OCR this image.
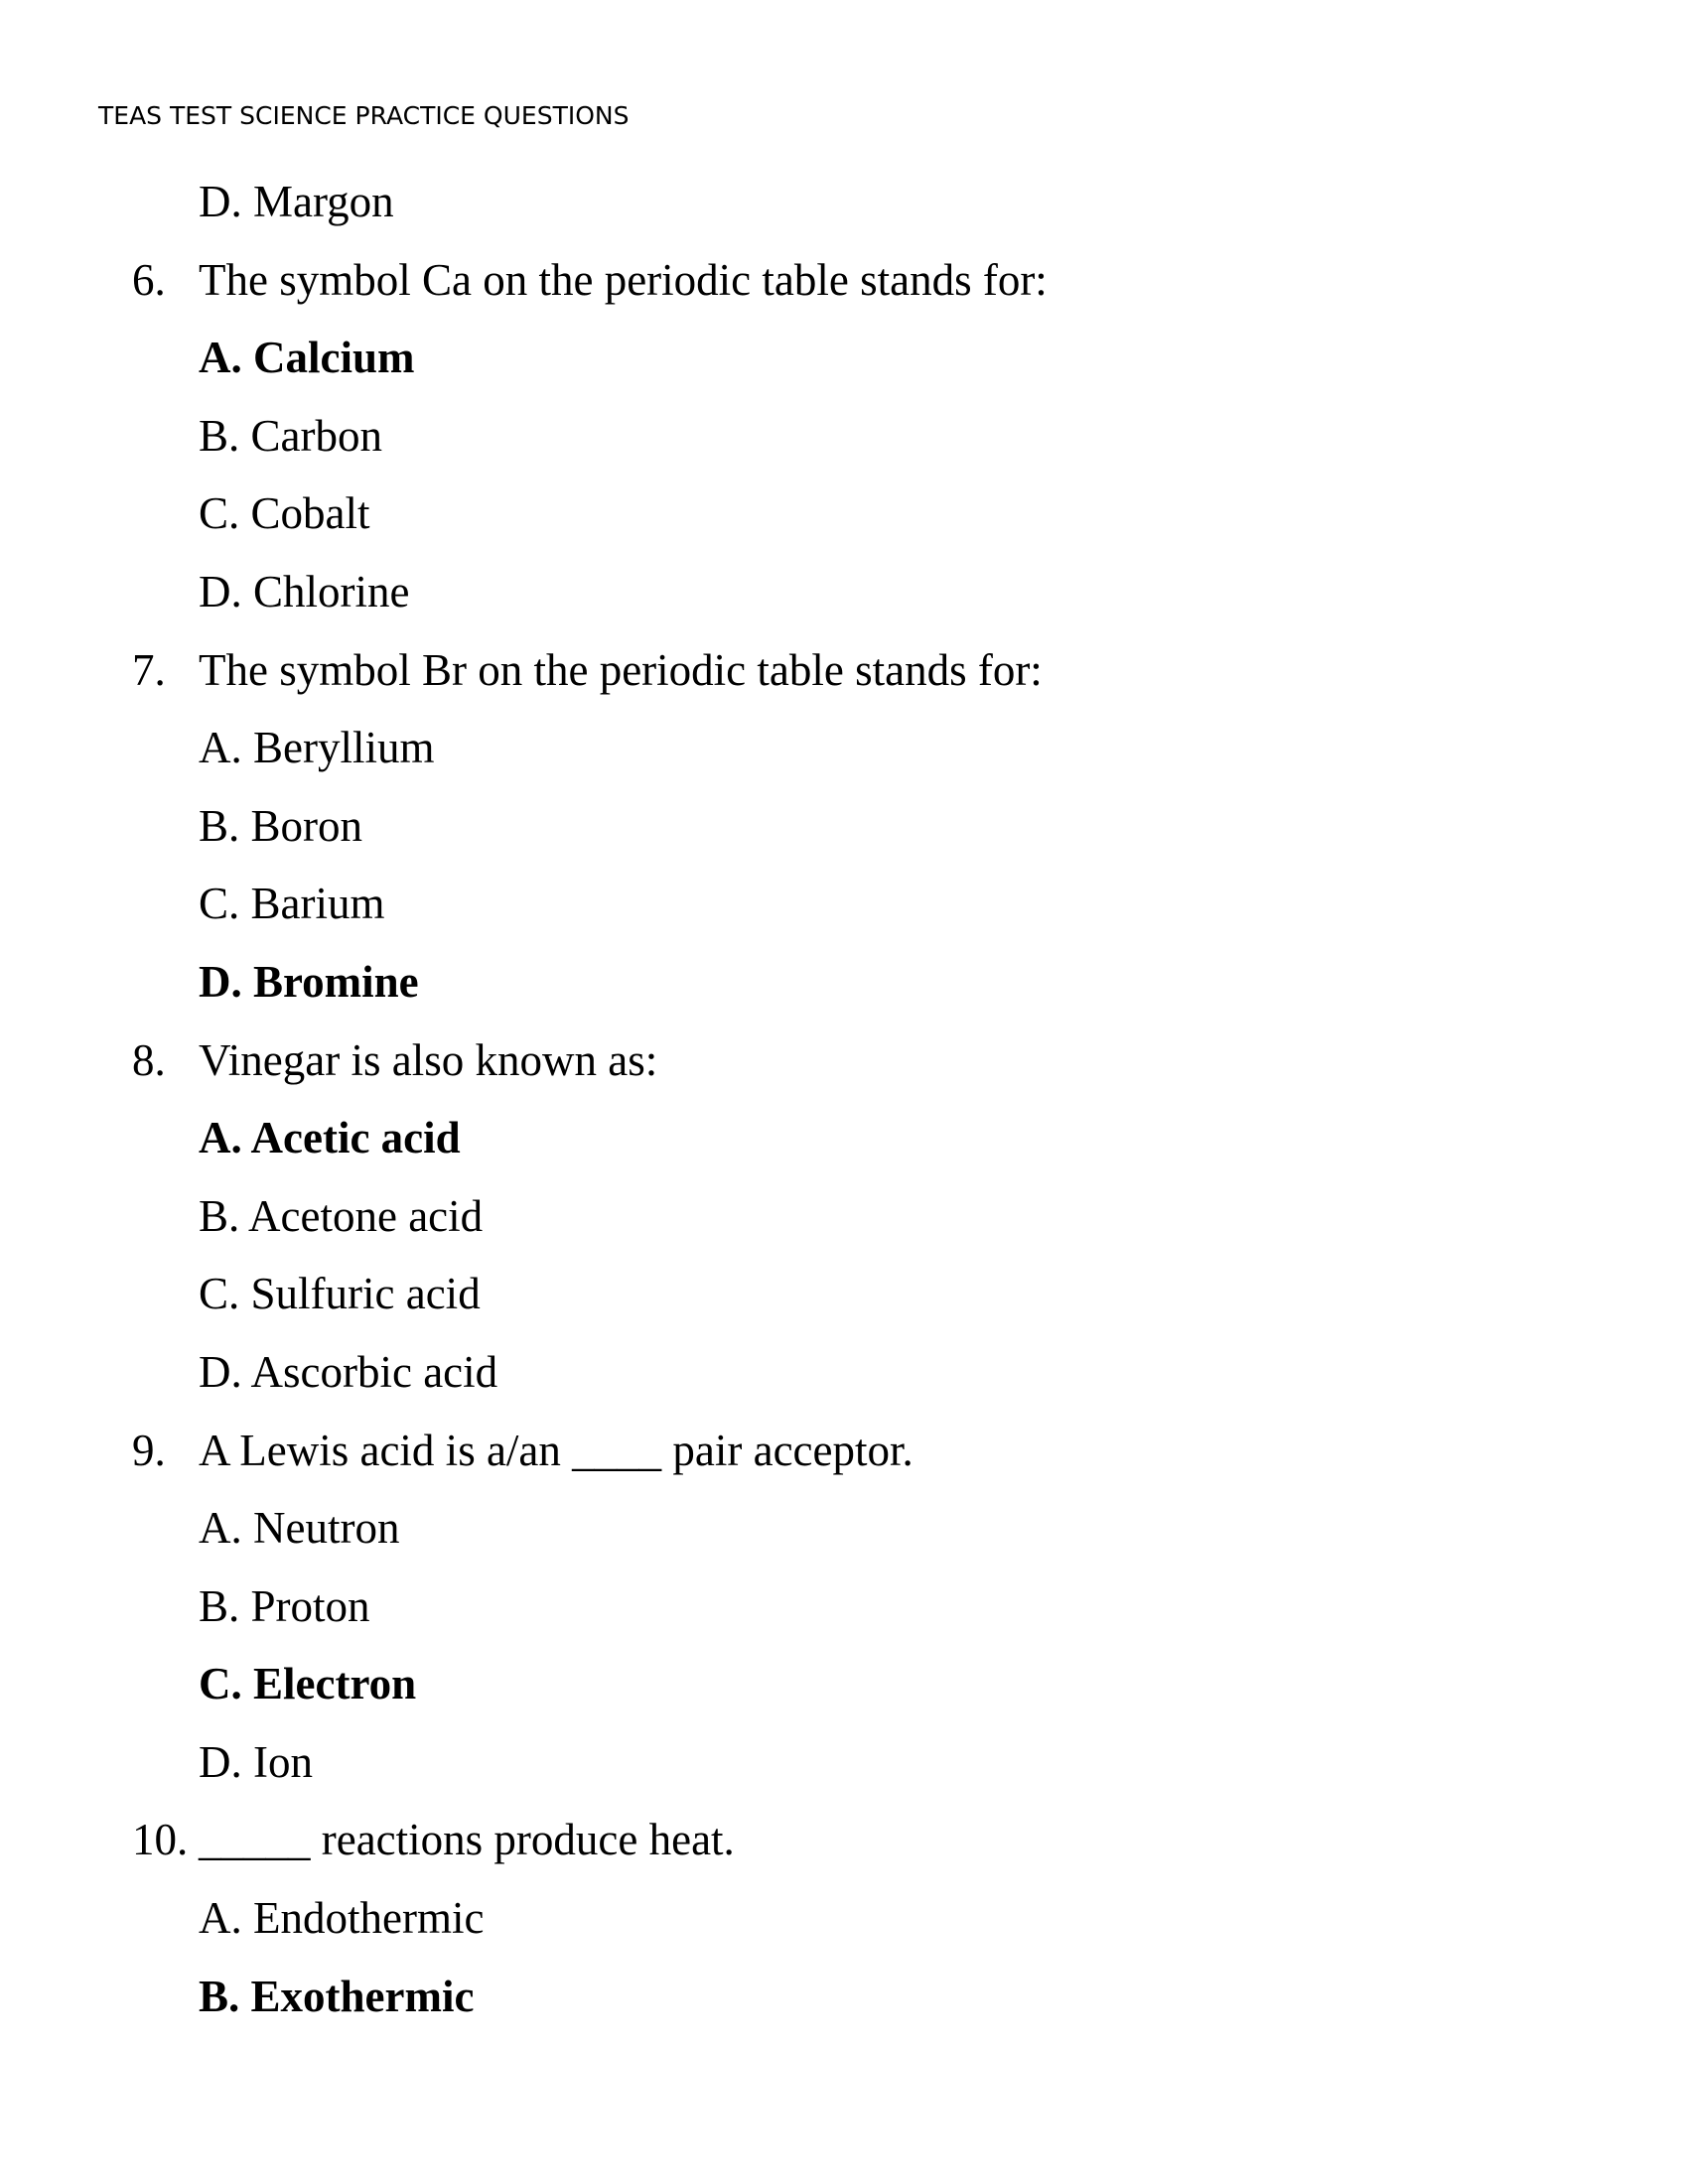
TEAS TEST SCIENCE PRACTICE QUESTIONS
D. Margon
6. The symbol Ca on the periodic table stands for:
A. Calcium
B. Carbon
C. Cobalt
D. Chlorine
7. The symbol Br on the periodic table stands for:
A. Beryllium
B. Boron
C. Barium
D. Bromine
8. Vinegar is also known as:
A. Acetic acid
B. Acetone acid
C. Sulfuric acid
D. Ascorbic acid
9. A Lewis acid is a/an ____ pair acceptor.
A. Neutron
B. Proton
C. Electron
D. Ion
10. _____ reactions produce heat.
A. Endothermic
B. Exothermic
